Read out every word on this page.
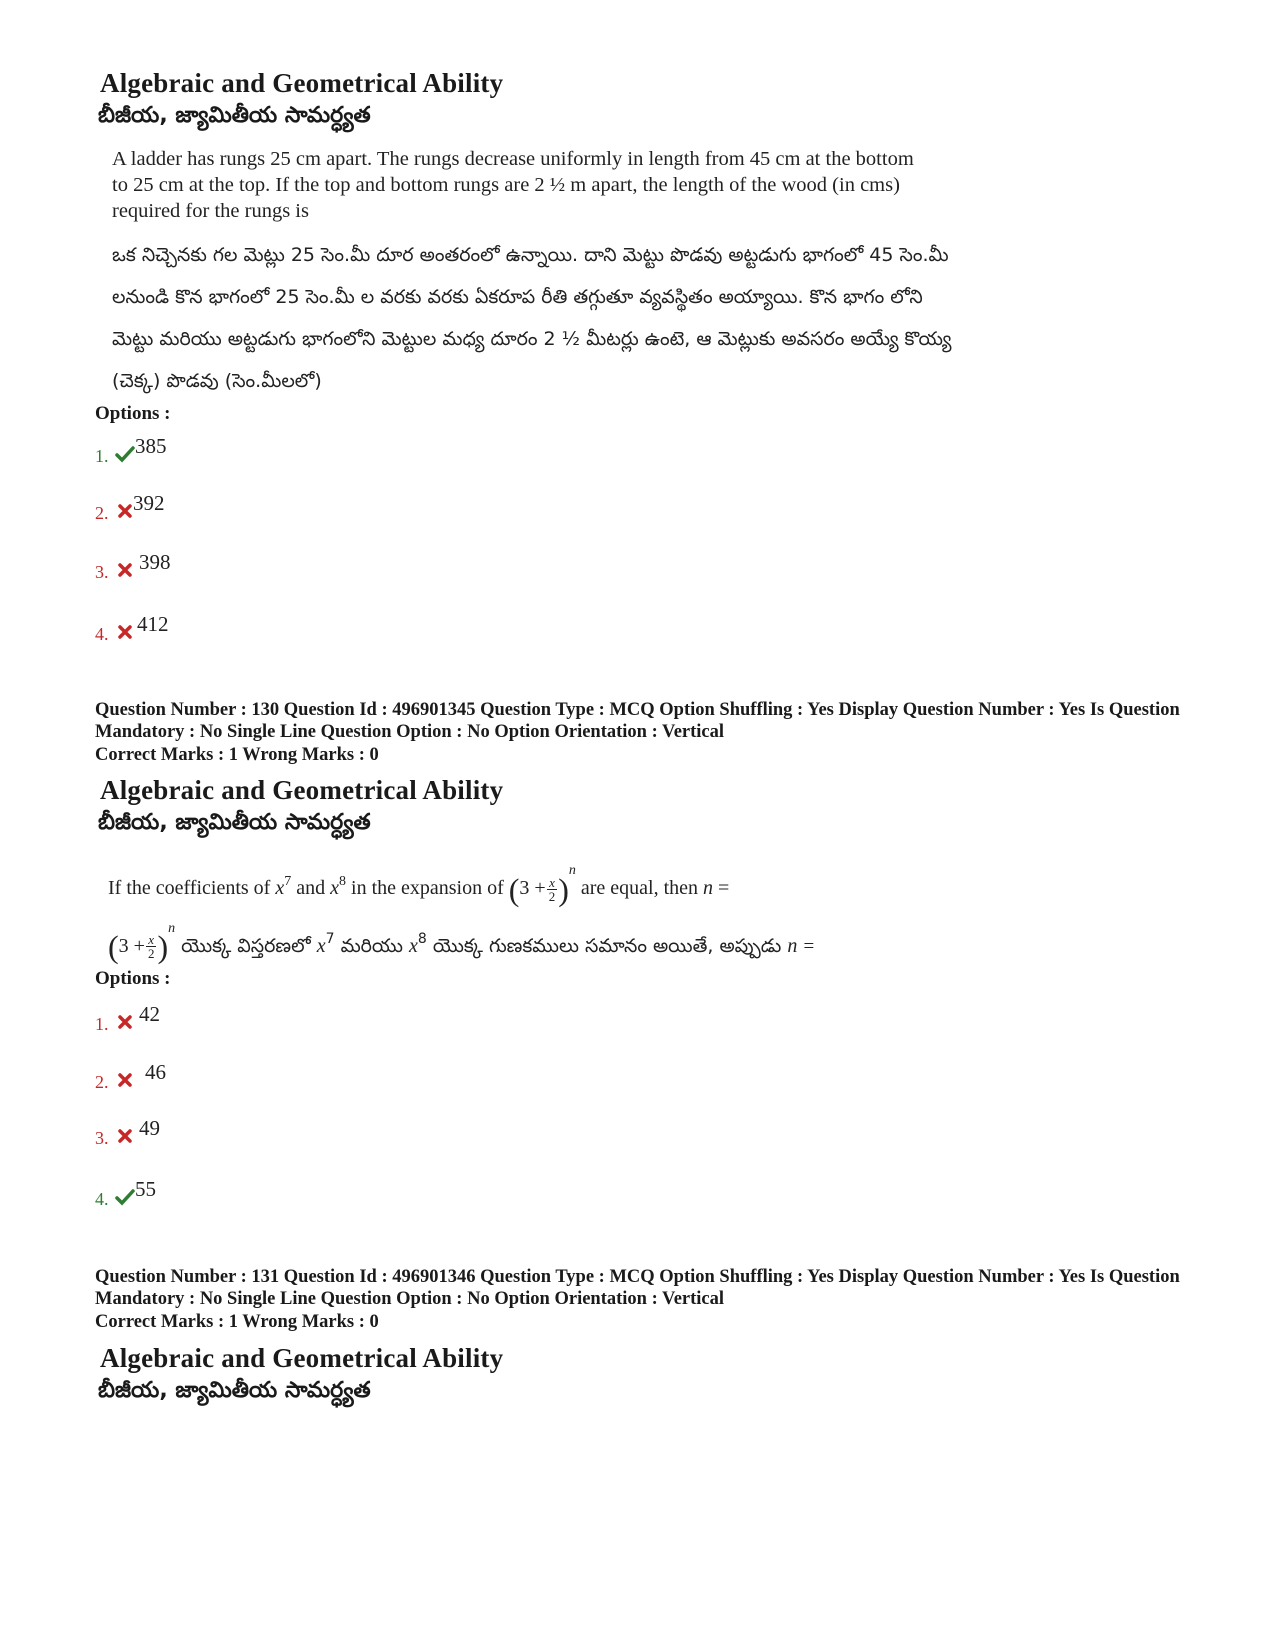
Algebraic and Geometrical Ability
బీజీయ, జ్యామితీయ సామర్ధ్యత
A ladder has rungs 25 cm apart. The rungs decrease uniformly in length from 45 cm at the bottom to 25 cm at the top. If the top and bottom rungs are 2 ½ m apart, the length of the wood (in cms) required for the rungs is
ఒక నిచ్చెనకు గల మెట్లు 25 సెం.మీ దూర అంతరంలో ఉన్నాయి. దాని మెట్టు పొడవు అట్టడుగు భాగంలో 45 సెం.మీ లనుండి కొన భాగంలో 25 సెం.మీ ల వరకు వరకు ఏకరూప రీతి తగ్గుతూ వ్యవస్థితం అయ్యాయి. కొన భాగం లోని మెట్టు మరియు అట్టడుగు భాగంలోని మెట్టుల మధ్య దూరం 2 ½ మీటర్లు ఉంటె, ఆ మెట్లుకు అవసరం అయ్యే కొయ్య (చెక్క) పొడవు (సెం.మీలలో)
Options :
1. 385
2. 392
3. 398
4. 412
Question Number : 130 Question Id : 496901345 Question Type : MCQ Option Shuffling : Yes Display Question Number : Yes Is Question Mandatory : No Single Line Question Option : No Option Orientation : Vertical
Correct Marks : 1 Wrong Marks : 0
Algebraic and Geometrical Ability
బీజీయ, జ్యామితీయ సామర్ధ్యత
If the coefficients of $x^7$ and $x^8$ in the expansion of $(3 + \frac{x}{2} )^n$ are equal, then n =
$(3 + \frac{x}{2} )^n$ యొక్క విస్తరణలో $x^7$ మరియు $x^8$ యొక్క గుణకములు సమానం అయితే, అప్పుడు n =
Options :
1. 42
2. 46
3. 49
4. 55
Question Number : 131 Question Id : 496901346 Question Type : MCQ Option Shuffling : Yes Display Question Number : Yes Is Question Mandatory : No Single Line Question Option : No Option Orientation : Vertical
Correct Marks : 1 Wrong Marks : 0
Algebraic and Geometrical Ability
బీజీయ, జ్యామితీయ సామర్ధ్యత
